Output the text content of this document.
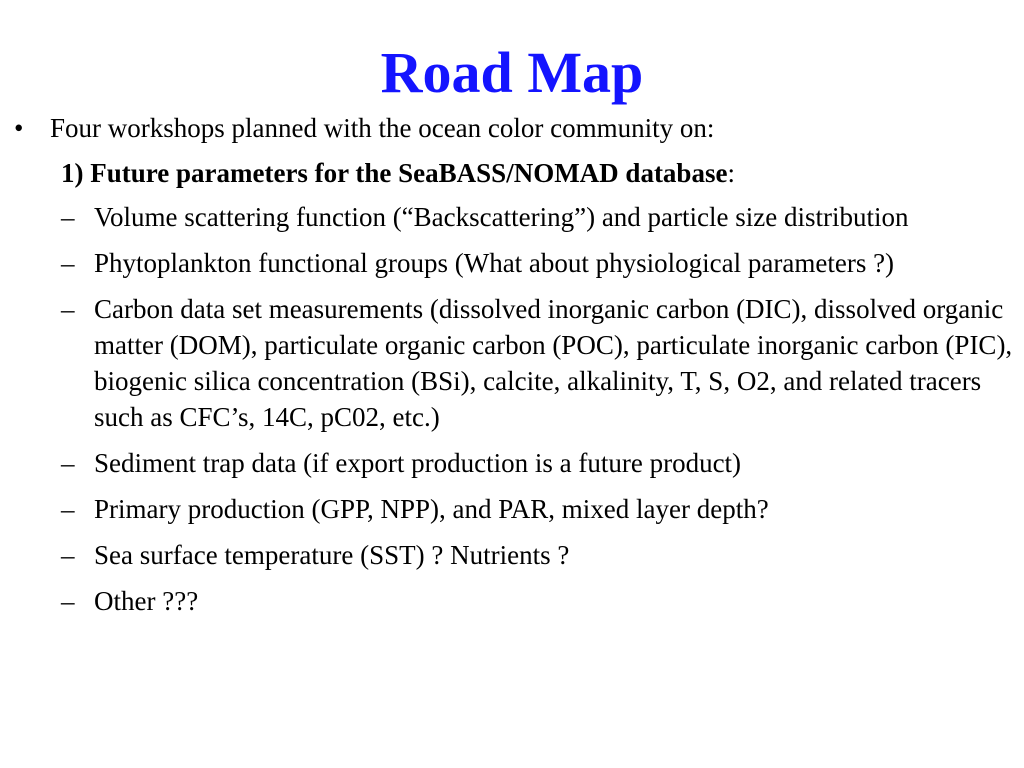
Road Map

• Four workshops planned with the ocean color community on:

1) Future parameters for the SeaBASS/NOMAD database:
– Volume scattering function (“Backscattering”) and particle size distribution
– Phytoplankton functional groups (What about physiological parameters ?)
– Carbon data set measurements (dissolved inorganic carbon (DIC), dissolved organic matter (DOM), particulate organic carbon (POC), particulate inorganic carbon (PIC), biogenic silica concentration (BSi), calcite, alkalinity, T, S, O2, and related tracers such as CFC’s, 14C, pC02, etc.)
– Sediment trap data (if export production is a future product)
– Primary production (GPP, NPP), and PAR, mixed layer depth?
– Sea surface temperature (SST) ? Nutrients ?
– Other ???
